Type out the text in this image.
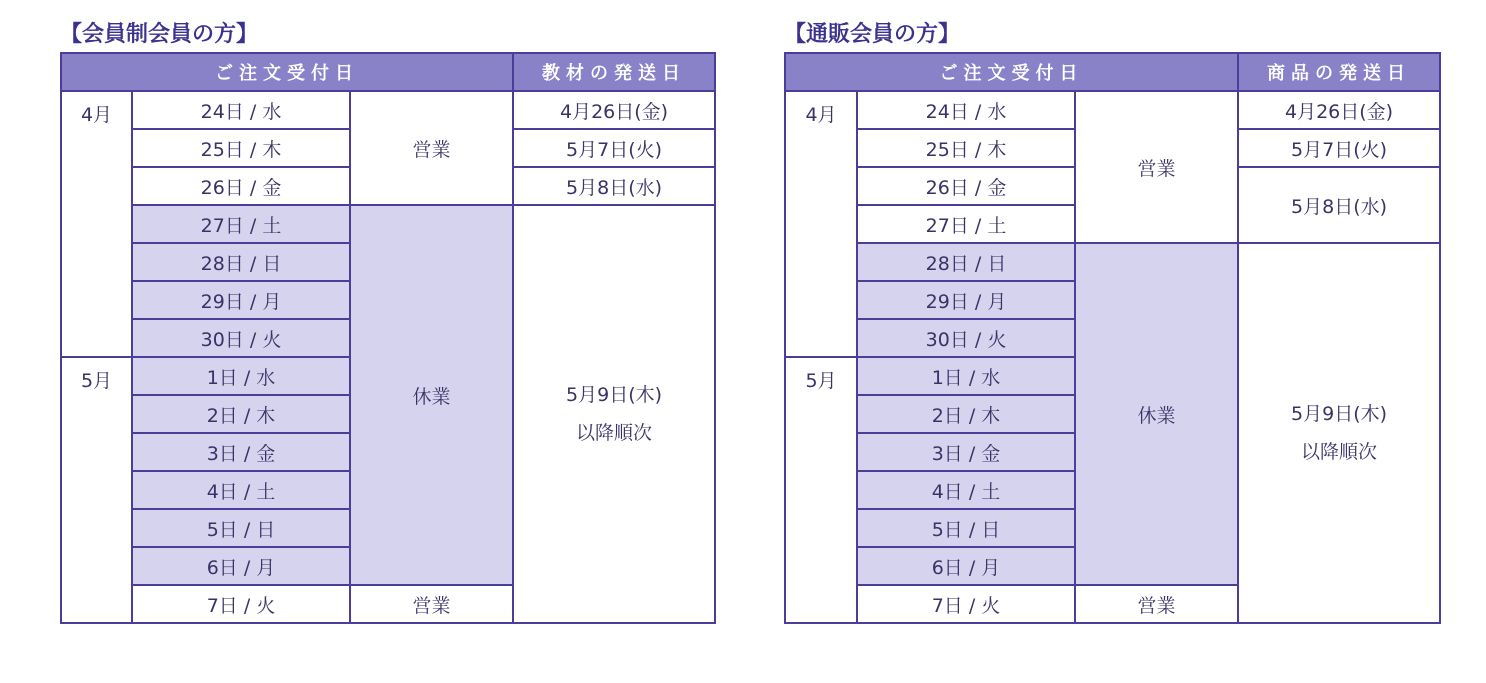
【会員制会員の方】
ご注文受付日			教材の発送日
4月	24日 / 水	営業	4月26日(金)
	25日 / 木		5月7日(火)
	26日 / 金		5月8日(水)
	27日 / 土	休業	5月9日(木)
以降順次
	28日 / 日		
	29日 / 月		
	30日 / 火		
5月	1日 / 水		
	2日 / 木		
	3日 / 金		
	4日 / 土		
	5日 / 日		
	6日 / 月		
	7日 / 火	営業	
【通販会員の方】
ご注文受付日			商品の発送日
4月	24日 / 水	営業	4月26日(金)
	25日 / 木		5月7日(火)
	26日 / 金		5月8日(水)
	27日 / 土		
	28日 / 日	休業	5月9日(木)
以降順次
	29日 / 月		
	30日 / 火		
5月	1日 / 水		
	2日 / 木		
	3日 / 金		
	4日 / 土		
	5日 / 日		
	6日 / 月		
	7日 / 火	営業	
